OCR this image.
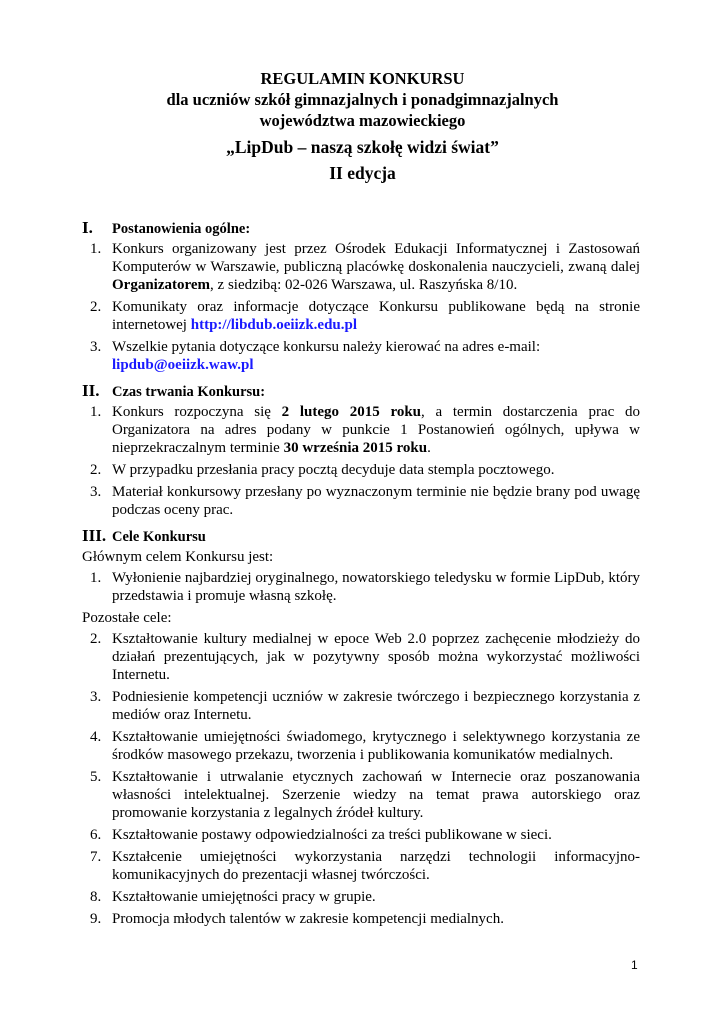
REGULAMIN KONKURSU
dla uczniów szkół gimnazjalnych i ponadgimnazjalnych
województwa mazowieckiego
„LipDub – naszą szkołę widzi świat”
II edycja
I.	Postanowienia ogólne:
1. Konkurs organizowany jest przez Ośrodek Edukacji Informatycznej i Zastosowań Komputerów w Warszawie, publiczną placówkę doskonalenia nauczycieli, zwaną dalej Organizatorem, z siedzibą: 02-026 Warszawa, ul. Raszyńska 8/10.
2. Komunikaty oraz informacje dotyczące Konkursu publikowane będą na stronie internetowej http://libdub.oeiizk.edu.pl
3. Wszelkie pytania dotyczące konkursu należy kierować na adres e-mail:
lipdub@oeiizk.waw.pl
II. Czas trwania Konkursu:
1. Konkurs rozpoczyna się 2 lutego 2015 roku, a termin dostarczenia prac do Organizatora na adres podany w punkcie 1 Postanowień ogólnych, upływa w nieprzekraczalnym terminie 30 września 2015 roku.
2. W przypadku przesłania pracy pocztą decyduje data stempla pocztowego.
3. Materiał konkursowy przesłany po wyznaczonym terminie nie będzie brany pod uwagę podczas oceny prac.
III. Cele Konkursu
Głównym celem Konkursu jest:
1. Wyłonienie najbardziej oryginalnego, nowatorskiego teledysku w formie LipDub, który przedstawia i promuje własną szkołę.
Pozostałe cele:
2. Kształtowanie kultury medialnej w epoce Web 2.0 poprzez zachęcenie młodzieży do działań prezentujących, jak w pozytywny sposób można wykorzystać możliwości Internetu.
3. Podniesienie kompetencji uczniów w zakresie twórczego i bezpiecznego korzystania z mediów oraz Internetu.
4. Kształtowanie umiejętności świadomego, krytycznego i selektywnego korzystania ze środków masowego przekazu, tworzenia i publikowania komunikatów medialnych.
5. Kształtowanie i utrwalanie etycznych zachowań w Internecie oraz poszanowania własności intelektualnej. Szerzenie wiedzy na temat prawa autorskiego oraz promowanie korzystania z legalnych źródeł kultury.
6. Kształtowanie postawy odpowiedzialności za treści publikowane w sieci.
7. Kształcenie umiejętności wykorzystania narzędzi technologii informacyjno-komunikacyjnych do prezentacji własnej twórczości.
8. Kształtowanie umiejętności pracy w grupie.
9. Promocja młodych talentów w zakresie kompetencji medialnych.
1
